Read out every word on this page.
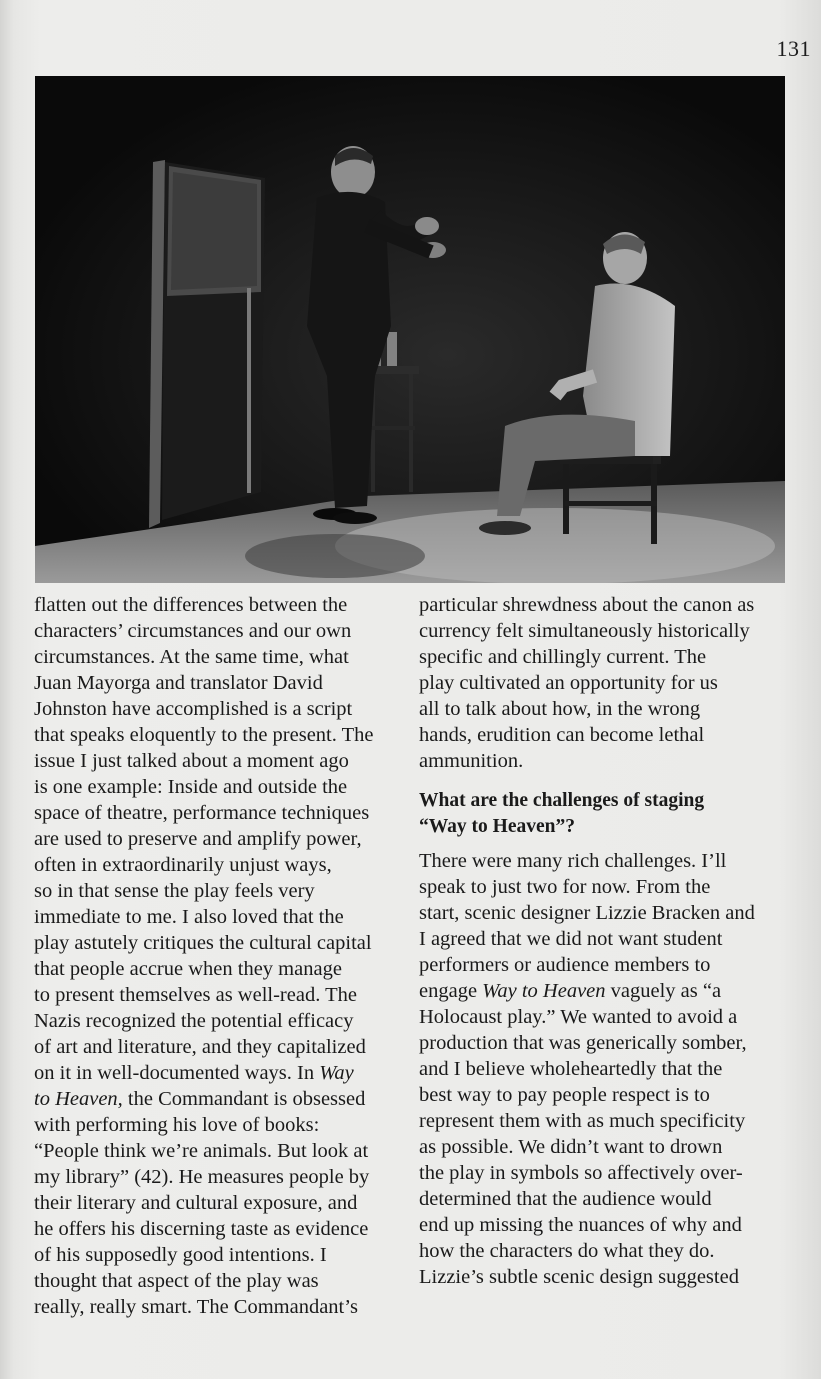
131

flatten out the differences between the
characters’ circumstances and our own
circumstances. At the same time, what
Juan Mayorga and translator David
Johnston have accomplished is a script
that speaks eloquently to the present. The
issue I just talked about a moment ago
is one example: Inside and outside the
space of theatre, performance techniques
are used to preserve and amplify power,
often in extraordinarily unjust ways,
so in that sense the play feels very
immediate to me. I also loved that the
play astutely critiques the cultural capital
that people accrue when they manage
to present themselves as well-read. The
Nazis recognized the potential efficacy
of art and literature, and they capitalized
on it in well-documented ways. In Way
to Heaven, the Commandant is obsessed
with performing his love of books:
“People think we’re animals. But look at
my library” (42). He measures people by
their literary and cultural exposure, and
he offers his discerning taste as evidence
of his supposedly good intentions. I
thought that aspect of the play was
really, really smart. The Commandant’s

particular shrewdness about the canon as
currency felt simultaneously historically
specific and chillingly current. The
play cultivated an opportunity for us
all to talk about how, in the wrong
hands, erudition can become lethal
ammunition.

What are the challenges of staging
“Way to Heaven”?

There were many rich challenges. I’ll
speak to just two for now. From the
start, scenic designer Lizzie Bracken and
I agreed that we did not want student
performers or audience members to
engage Way to Heaven vaguely as “a
Holocaust play.” We wanted to avoid a
production that was generically somber,
and I believe wholeheartedly that the
best way to pay people respect is to
represent them with as much specificity
as possible. We didn’t want to drown
the play in symbols so affectively over-
determined that the audience would
end up missing the nuances of why and
how the characters do what they do.
Lizzie’s subtle scenic design suggested
